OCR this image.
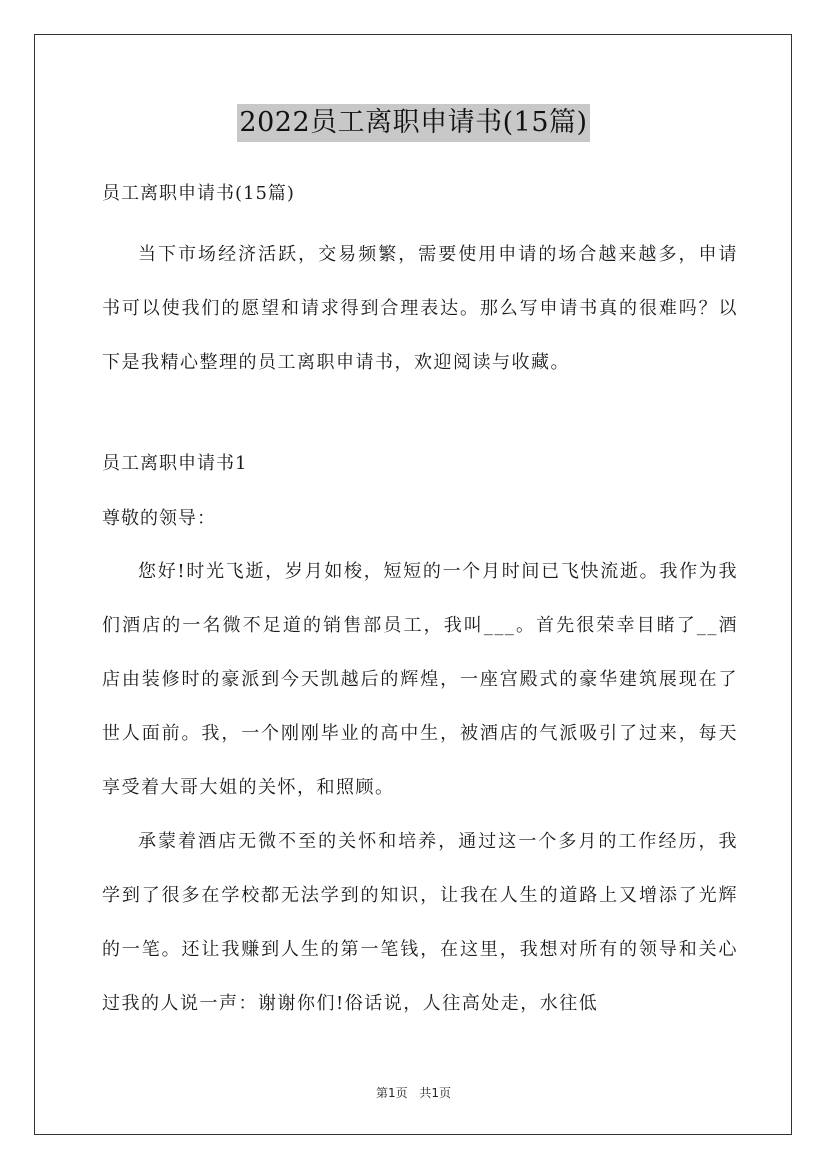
2022员工离职申请书(15篇)
员工离职申请书(15篇)

当下市场经济活跃，交易频繁，需要使用申请的场合越来越多，申请书可以使我们的愿望和请求得到合理表达。那么写申请书真的很难吗？以下是我精心整理的员工离职申请书，欢迎阅读与收藏。

员工离职申请书1
尊敬的领导：

您好!时光飞逝，岁月如梭，短短的一个月时间已飞快流逝。我作为我们酒店的一名微不足道的销售部员工，我叫___。首先很荣幸目睹了__酒店由装修时的豪派到今天凯越后的辉煌，一座宫殿式的豪华建筑展现在了世人面前。我，一个刚刚毕业的高中生，被酒店的气派吸引了过来，每天享受着大哥大姐的关怀，和照顾。

承蒙着酒店无微不至的关怀和培养，通过这一个多月的工作经历，我学到了很多在学校都无法学到的知识，让我在人生的道路上又增添了光辉的一笔。还让我赚到人生的第一笔钱，在这里，我想对所有的领导和关心过我的人说一声：谢谢你们!俗话说，人往高处走，水往低

第1页 共1页
